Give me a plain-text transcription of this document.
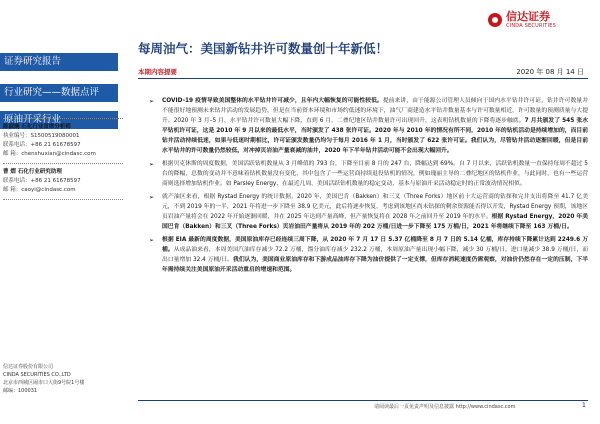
信达证券
CINDA SECURITIES
证券研究报告
行业研究——数据点评
原油开采行业
陈淑娴 石化行业首席分析师
执业编号：S1500519080001
联系电话：+86 21 61678597
邮 箱：chenshuxian@cindasc.com
曹 熠 石化行业研究助理
联系电话：+86 21 61678597
邮 箱：caoyi@cindasc.com
信达证券股份有限公司
CINDA SECURITIES CO.,LTD
北京市西城区闹市口大街9号院1号楼
邮编：100031
每周油气：美国新钻井许可数量创十年新低！
本期内容提要	2020 年 08 月 14 日
➢ COVID-19 疫情导致美国整体的水平钻井许可减少，且年内大幅恢复的可能性较低。提前来讲，由于能源公司管理人员倾向于国内水平钻井许可证，钻井许可数量并不能很好地预测未来钻井活动的发展趋势，但是在当前资本环境和市场约低迷的环境下，油气厂商建造水平钻井数量基本与许可数量相近，许可数量的预测质量与大提升。2020 年 3 月–5 月，水平钻井许可数量大幅下降，直到 6 月，二叠纪地区钻井数量许可出现回升，这表明钻机数量的下降将逐步触底。7 月共颁发了 545 张水平钻机许可证，这是 2010 年 9 月以来的最低水平，当时颁发了 438 张许可证。2020 年与 2010 年的情况有所不同，2010 年的钻机活动是持续增加的，而目前钻井活动持续低迷，如果与低迷时期相比，许可证颁发数量仍均匀于每月 2016 年 1 月，当时颁发了 622 张许可证。我们认为，尽管钻井活动逐渐回暖，但是目前水平钻井的许可数量仍然较低，对冲掉页岩油产量衰减的油井，2020 年下半年钻井活动可能不会出现大幅回升。
➢ 根据贝克休斯的周度数据，美国活跃钻机数量从 3 月峰值的 793 台，下降至目前 8 月的 247 台，降幅达到 69%。自 7 月以来，活跃钻机数量一直保持每周不超过 5 台的降幅，总数的变动并不意味着钻机数量没有变化，其中包含了一些运营商持续退役钻机的情况，例如瑰丽主导的二叠纪地区的钻机作业，与此同时，也有一些运营商则选择增加钻机作业。如 Parsley Energy、在最近几周，美国活跃钻机数量的稳定变动，基本与原油开采活动稳定时的正常波动情况相似。
➢ 就产油区来看，根据 Rystad Energy 的统计数据，2020 年，美国巴肯（Bakken）和三叉（Three Forks）地区前十大运营商的钻探和完井支出将降至 41.7 亿美元，不到 2019 年的一半，2021 年将进一步下降至 38.9 亿美元，此后将逐步恢复，考虑到该地区尚未钻探的剩余资源能否得以开发，Rystad Energy 预期，该地区页岩油产量将会在 2022 年开始逐渐回暖，并在 2025 年达到产量高峰，但产量恢复将在 2028 年之前回升至 2019 年的水平。根据 Rystad Energy，2020 年美国巴肯（Bakken）和三叉（Three Forks）页岩油田产量将从 2019 年的 202 万桶/日进一步下降至 175 万桶/日，2021 年将继续下降至 163 万桶/日。
➢ 根据 EIA 最新的周度数据，美国原油库存已经连续三周下降，从 2020 年 7 月 17 日 5.37 亿桶降至 8 月 7 日的 5.14 亿桶，库存持续下降累计达到 2249.6 万桶。从成品油来看，本周美国汽油库存减少 72.2 万桶，馏分油库存减少 232.2 万桶，本周原油产量出现小幅下降，减少 30 万桶/日，进口量减少 38.9 万桶/日，而出口量增加 32.4 万桶/日。我们认为，美国商业原油库存和下游成品油库存下降为油价提供了一定支撑，但库存消耗速度仍需观察，对油价仍然存在一定的压制，下半年需持续关注美国原油开采活动重启的增速和范围。
请阅读最后一页免责声明及信息披露 http://www.cindasc.com	1
